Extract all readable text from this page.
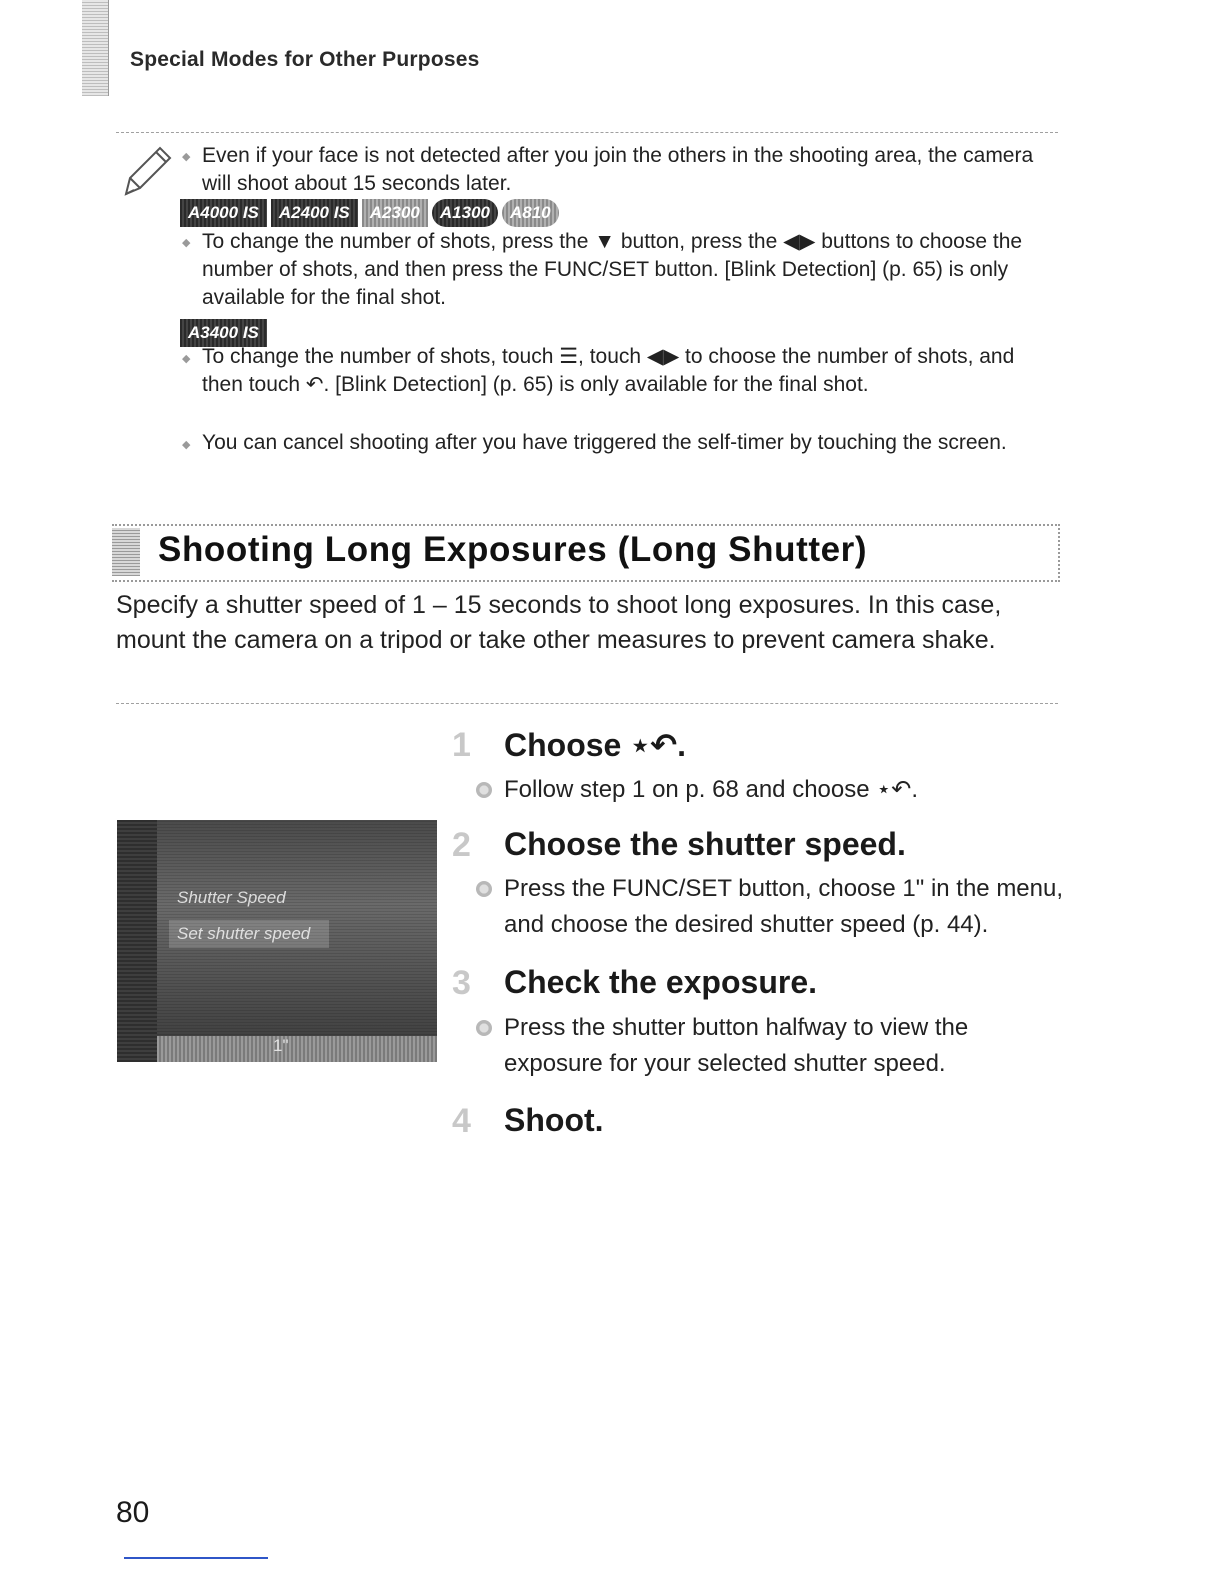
Special Modes for Other Purposes
◆ Even if your face is not detected after you join the others in the shooting area, the camera will shoot about 15 seconds later.
A4000 IS	A2400 IS	A2300	A1300	A810
◆ To change the number of shots, press the ▼ button, press the ◀▶ buttons to choose the number of shots, and then press the FUNC/SET button. [Blink Detection] (p. 65) is only available for the final shot.
A3400 IS
◆ To change the number of shots, touch ☰, touch ◀▶ to choose the number of shots, and then touch ↶. [Blink Detection] (p. 65) is only available for the final shot.
◆ You can cancel shooting after you have triggered the self-timer by touching the screen.
Shooting Long Exposures (Long Shutter)
Specify a shutter speed of 1 – 15 seconds to shoot long exposures. In this case, mount the camera on a tripod or take other measures to prevent camera shake.
Shutter Speed
Set shutter speed
1"
1 Choose ⋆↶.
Follow step 1 on p. 68 and choose ⋆↶.
2 Choose the shutter speed.
Press the FUNC/SET button, choose 1" in the menu, and choose the desired shutter speed (p. 44).
3 Check the exposure.
Press the shutter button halfway to view the exposure for your selected shutter speed.
4 Shoot.
80
